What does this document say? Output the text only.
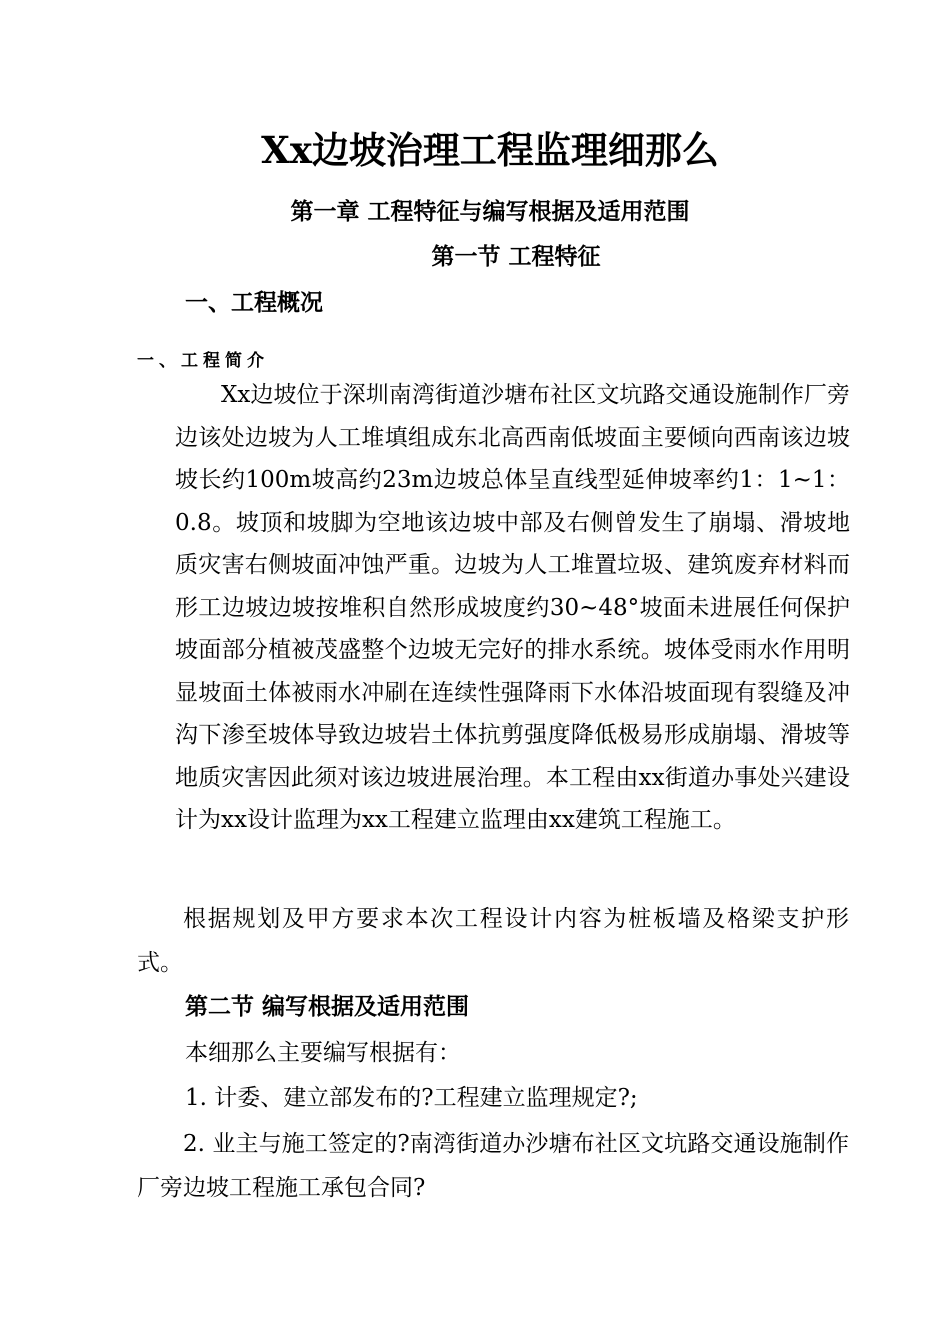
Xx边坡治理工程监理细那么
第一章 工程特征与编写根据及适用范围
第一节 工程特征
一、工程概况
一、工程简介
Xx边坡位于深圳南湾街道沙塘布社区文坑路交通设施制作厂旁边该处边坡为人工堆填组成东北高西南低坡面主要倾向西南该边坡坡长约100m坡高约23m边坡总体呈直线型延伸坡率约1：1~1：0.8。坡顶和坡脚为空地该边坡中部及右侧曾发生了崩塌、滑坡地质灾害右侧坡面冲蚀严重。边坡为人工堆置垃圾、建筑废弃材料而形工边坡边坡按堆积自然形成坡度约30~48°坡面未进展任何保护坡面部分植被茂盛整个边坡无完好的排水系统。坡体受雨水作用明显坡面土体被雨水冲刷在连续性强降雨下水体沿坡面现有裂缝及冲沟下渗至坡体导致边坡岩土体抗剪强度降低极易形成崩塌、滑坡等地质灾害因此须对该边坡进展治理。本工程由xx街道办事处兴建设计为xx设计监理为xx工程建立监理由xx建筑工程施工。
根据规划及甲方要求本次工程设计内容为桩板墙及格梁支护形式。
第二节 编写根据及适用范围
本细那么主要编写根据有：
1. 计委、建立部发布的?工程建立监理规定?;
2. 业主与施工签定的?南湾街道办沙塘布社区文坑路交通设施制作厂旁边坡工程施工承包合同?
